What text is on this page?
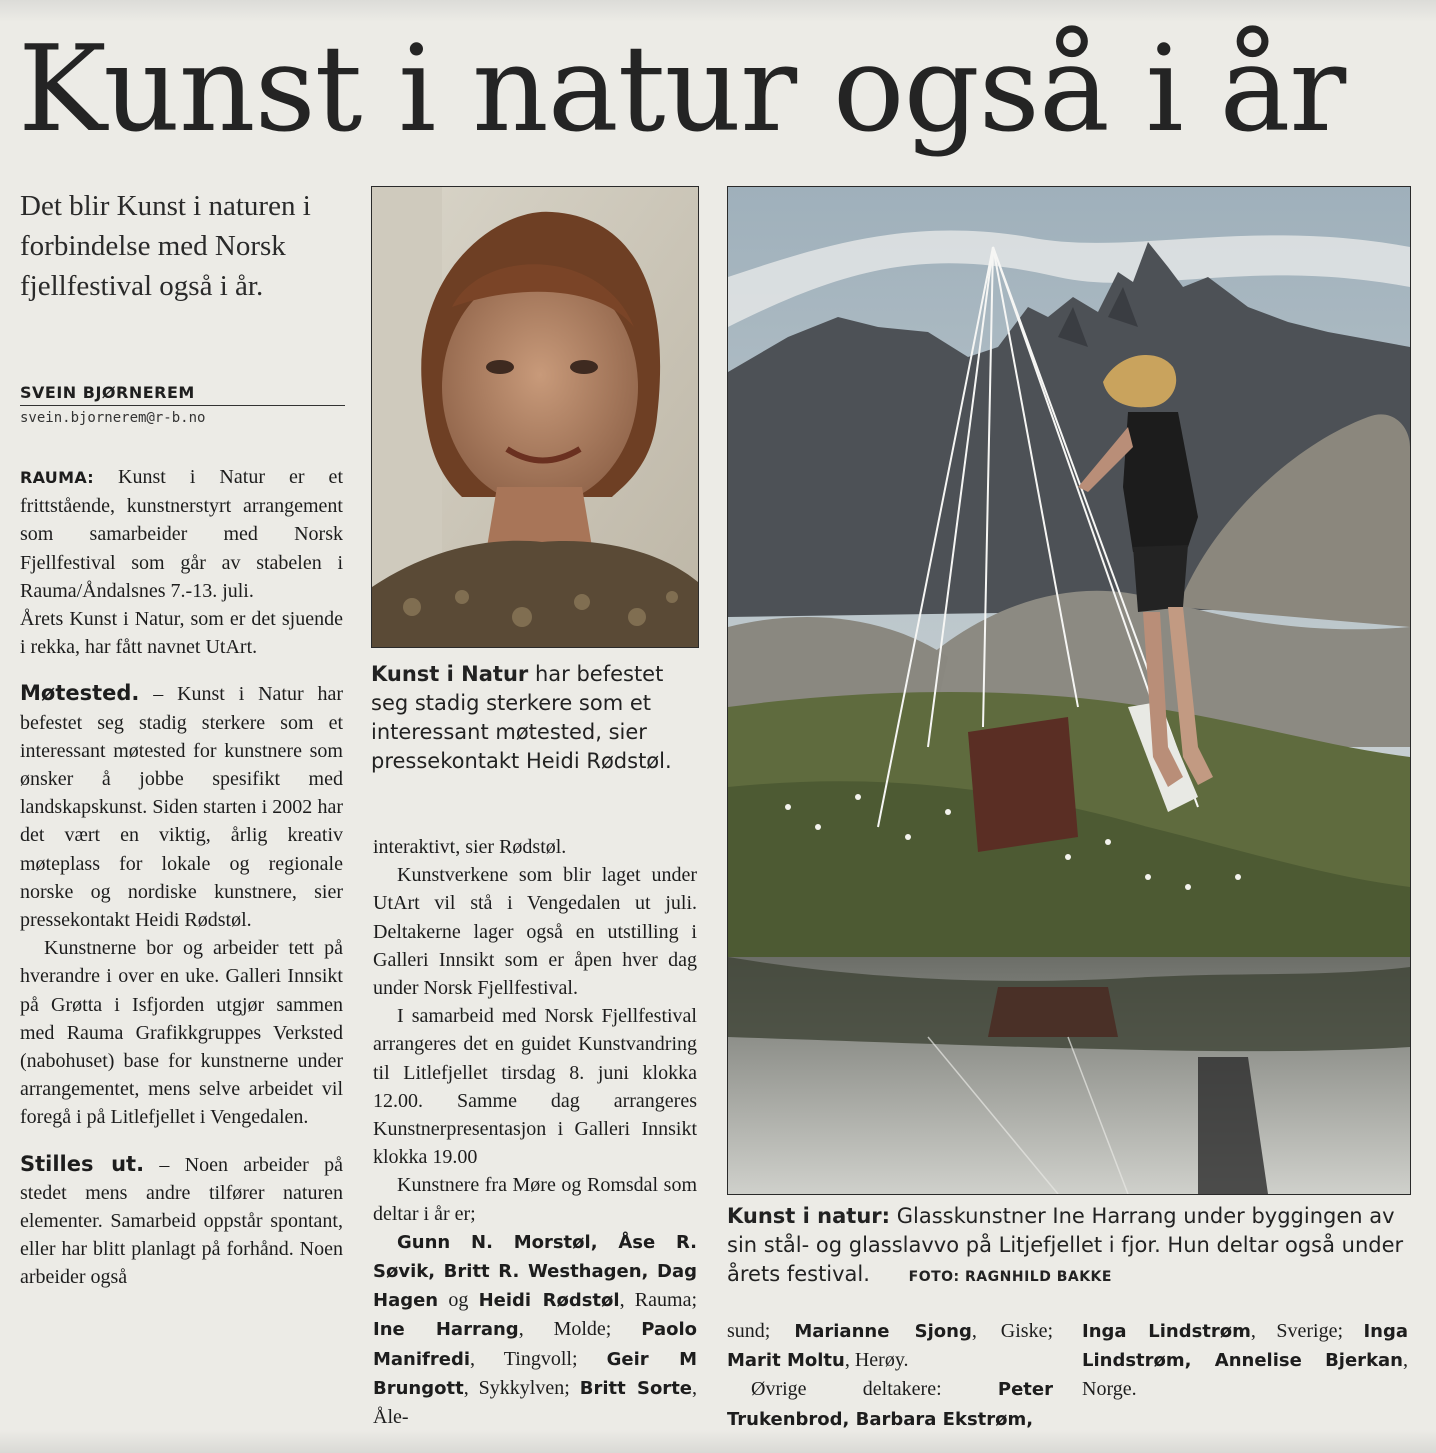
Kunst i natur også i år
Det blir Kunst i naturen i forbindelse med Norsk fjellfestival også i år.
SVEIN BJØRNEREM
svein.bjornerem@r-b.no

RAUMA: Kunst i Natur er et frittstående, kunstnerstyrt arrangement som samarbeider med Norsk Fjellfestival som går av stabelen i Rauma/Åndalsnes 7.-13. juli.

Årets Kunst i Natur, som er det sjuende i rekka, har fått navnet UtArt.

Møtested. – Kunst i Natur har befestet seg stadig sterkere som et interessant møtested for kunstnere som ønsker å jobbe spesifikt med landskapskunst. Siden starten i 2002 har det vært en viktig, årlig kreativ møteplass for lokale og regionale norske og nordiske kunstnere, sier pressekontakt Heidi Rødstøl.

Kunstnerne bor og arbeider tett på hverandre i over en uke. Galleri Innsikt på Grøtta i Isfjorden utgjør sammen med Rauma Grafikkgruppes Verksted (nabohuset) base for kunstnerne under arrangementet, mens selve arbeidet vil foregå i på Litlefjellet i Vengedalen.

Stilles ut. – Noen arbeider på stedet mens andre tilfører naturen elementer. Samarbeid oppstår spontant, eller har blitt planlagt på forhånd. Noen arbeider også

Kunst i Natur har befestet seg stadig sterkere som et interessant møtested, sier pressekontakt Heidi Rødstøl.

interaktivt, sier Rødstøl.

Kunstverkene som blir laget under UtArt vil stå i Vengedalen ut juli. Deltakerne lager også en utstilling i Galleri Innsikt som er åpen hver dag under Norsk Fjellfestival.

I samarbeid med Norsk Fjellfestival arrangeres det en guidet Kunstvandring til Litlefjellet tirsdag 8. juni klokka 12.00. Samme dag arrangeres Kunstnerpresentasjon i Galleri Innsikt klokka 19.00

Kunstnere fra Møre og Romsdal som deltar i år er;

Gunn N. Morstøl, Åse R. Søvik, Britt R. Westhagen, Dag Hagen og Heidi Rødstøl, Rauma; Ine Harrang, Molde; Paolo Manifredi, Tingvoll; Geir M Brungott, Sykkylven; Britt Sorte, Åle-

Kunst i natur: Glasskunstner Ine Harrang under byggingen av sin stål- og glasslavvo på Litjefjellet i fjor. Hun deltar også under årets festival.	FOTO: RAGNHILD BAKKE

sund; Marianne Sjong, Giske; Marit Moltu, Herøy.

Øvrige deltakere:	Peter Trukenbrod, Barbara Ekstrøm,

Inga Lindstrøm, Sverige; Inga Lindstrøm, Annelise Bjerkan, Norge.
